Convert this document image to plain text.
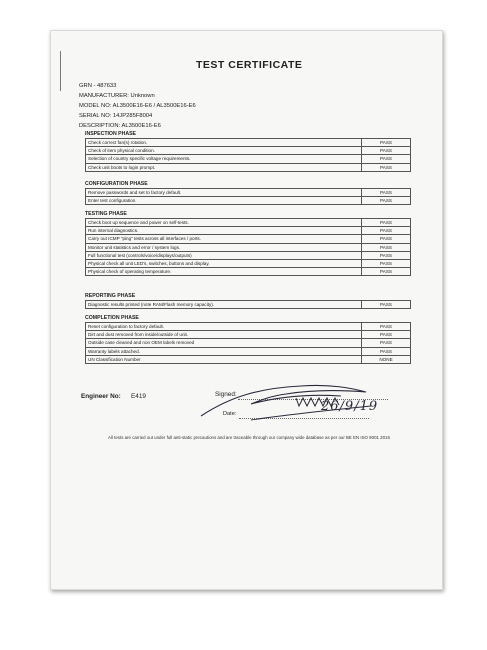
TEST CERTIFICATE
GRN - 487633
MANUFACTURER: Unknown
MODEL NO: AL3500E16-E6 / AL3500E16-E6
SERIAL NO: 14JP285F8004
DESCRIPTION: AL3500E16-E6
INSPECTION PHASE
Check correct fan(s) rotation.	PASS
Check of item physical condition.	PASS
Selection of country specific voltage requirements.	PASS
Check unit boots to login prompt.	PASS
CONFIGURATION PHASE
Remove passwords and set to factory default.	PASS
Enter test configuration.	PASS
TESTING PHASE
Check boot up sequence and power on self-tests.	PASS
Run internal diagnostics.	PASS
Carry out ICMP "ping" tests across all interfaces / ports.	PASS
Monitor unit statistics and error / system logs.	PASS
Full functional test (controls/voice/displays/outputs)	PASS
Physical check all unit LED's, switches, buttons and display.	PASS
Physical check of operating temperature.	PASS
REPORTING PHASE
Diagnostic results printed (note RAM/Flash memory capacity).	PASS
COMPLETION PHASE
Reset configuration to factory default.	PASS
Dirt and dust removed from inside/outside of unit.	PASS
Outside case cleaned and non OEM labels removed	PASS
Warranty labels attached.	PASS
UN Classification Number	NONE
Engineer No: E419	Signed:
Date:	26/9/19
All tests are carried out under full anti-static precautions and are traceable through our company wide database as per our BE EN ISO 9001 2015
